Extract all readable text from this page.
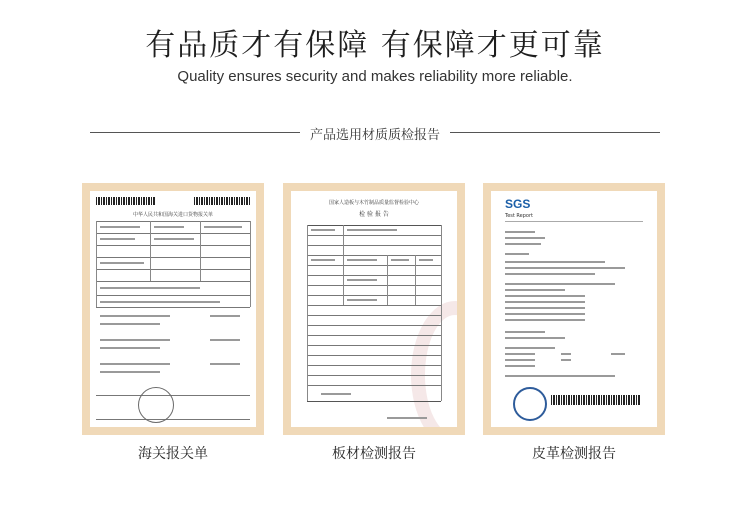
有品质才有保障 有保障才更可靠
Quality ensures security and makes reliability more reliable.
产品选用材质质检报告
中华人民共和国海关进口货物报关单
海关报关单
国家人造板与木竹制品质量监督检验中心
检 验 报 告
板材检测报告
SGS
Test Report
皮革检测报告
